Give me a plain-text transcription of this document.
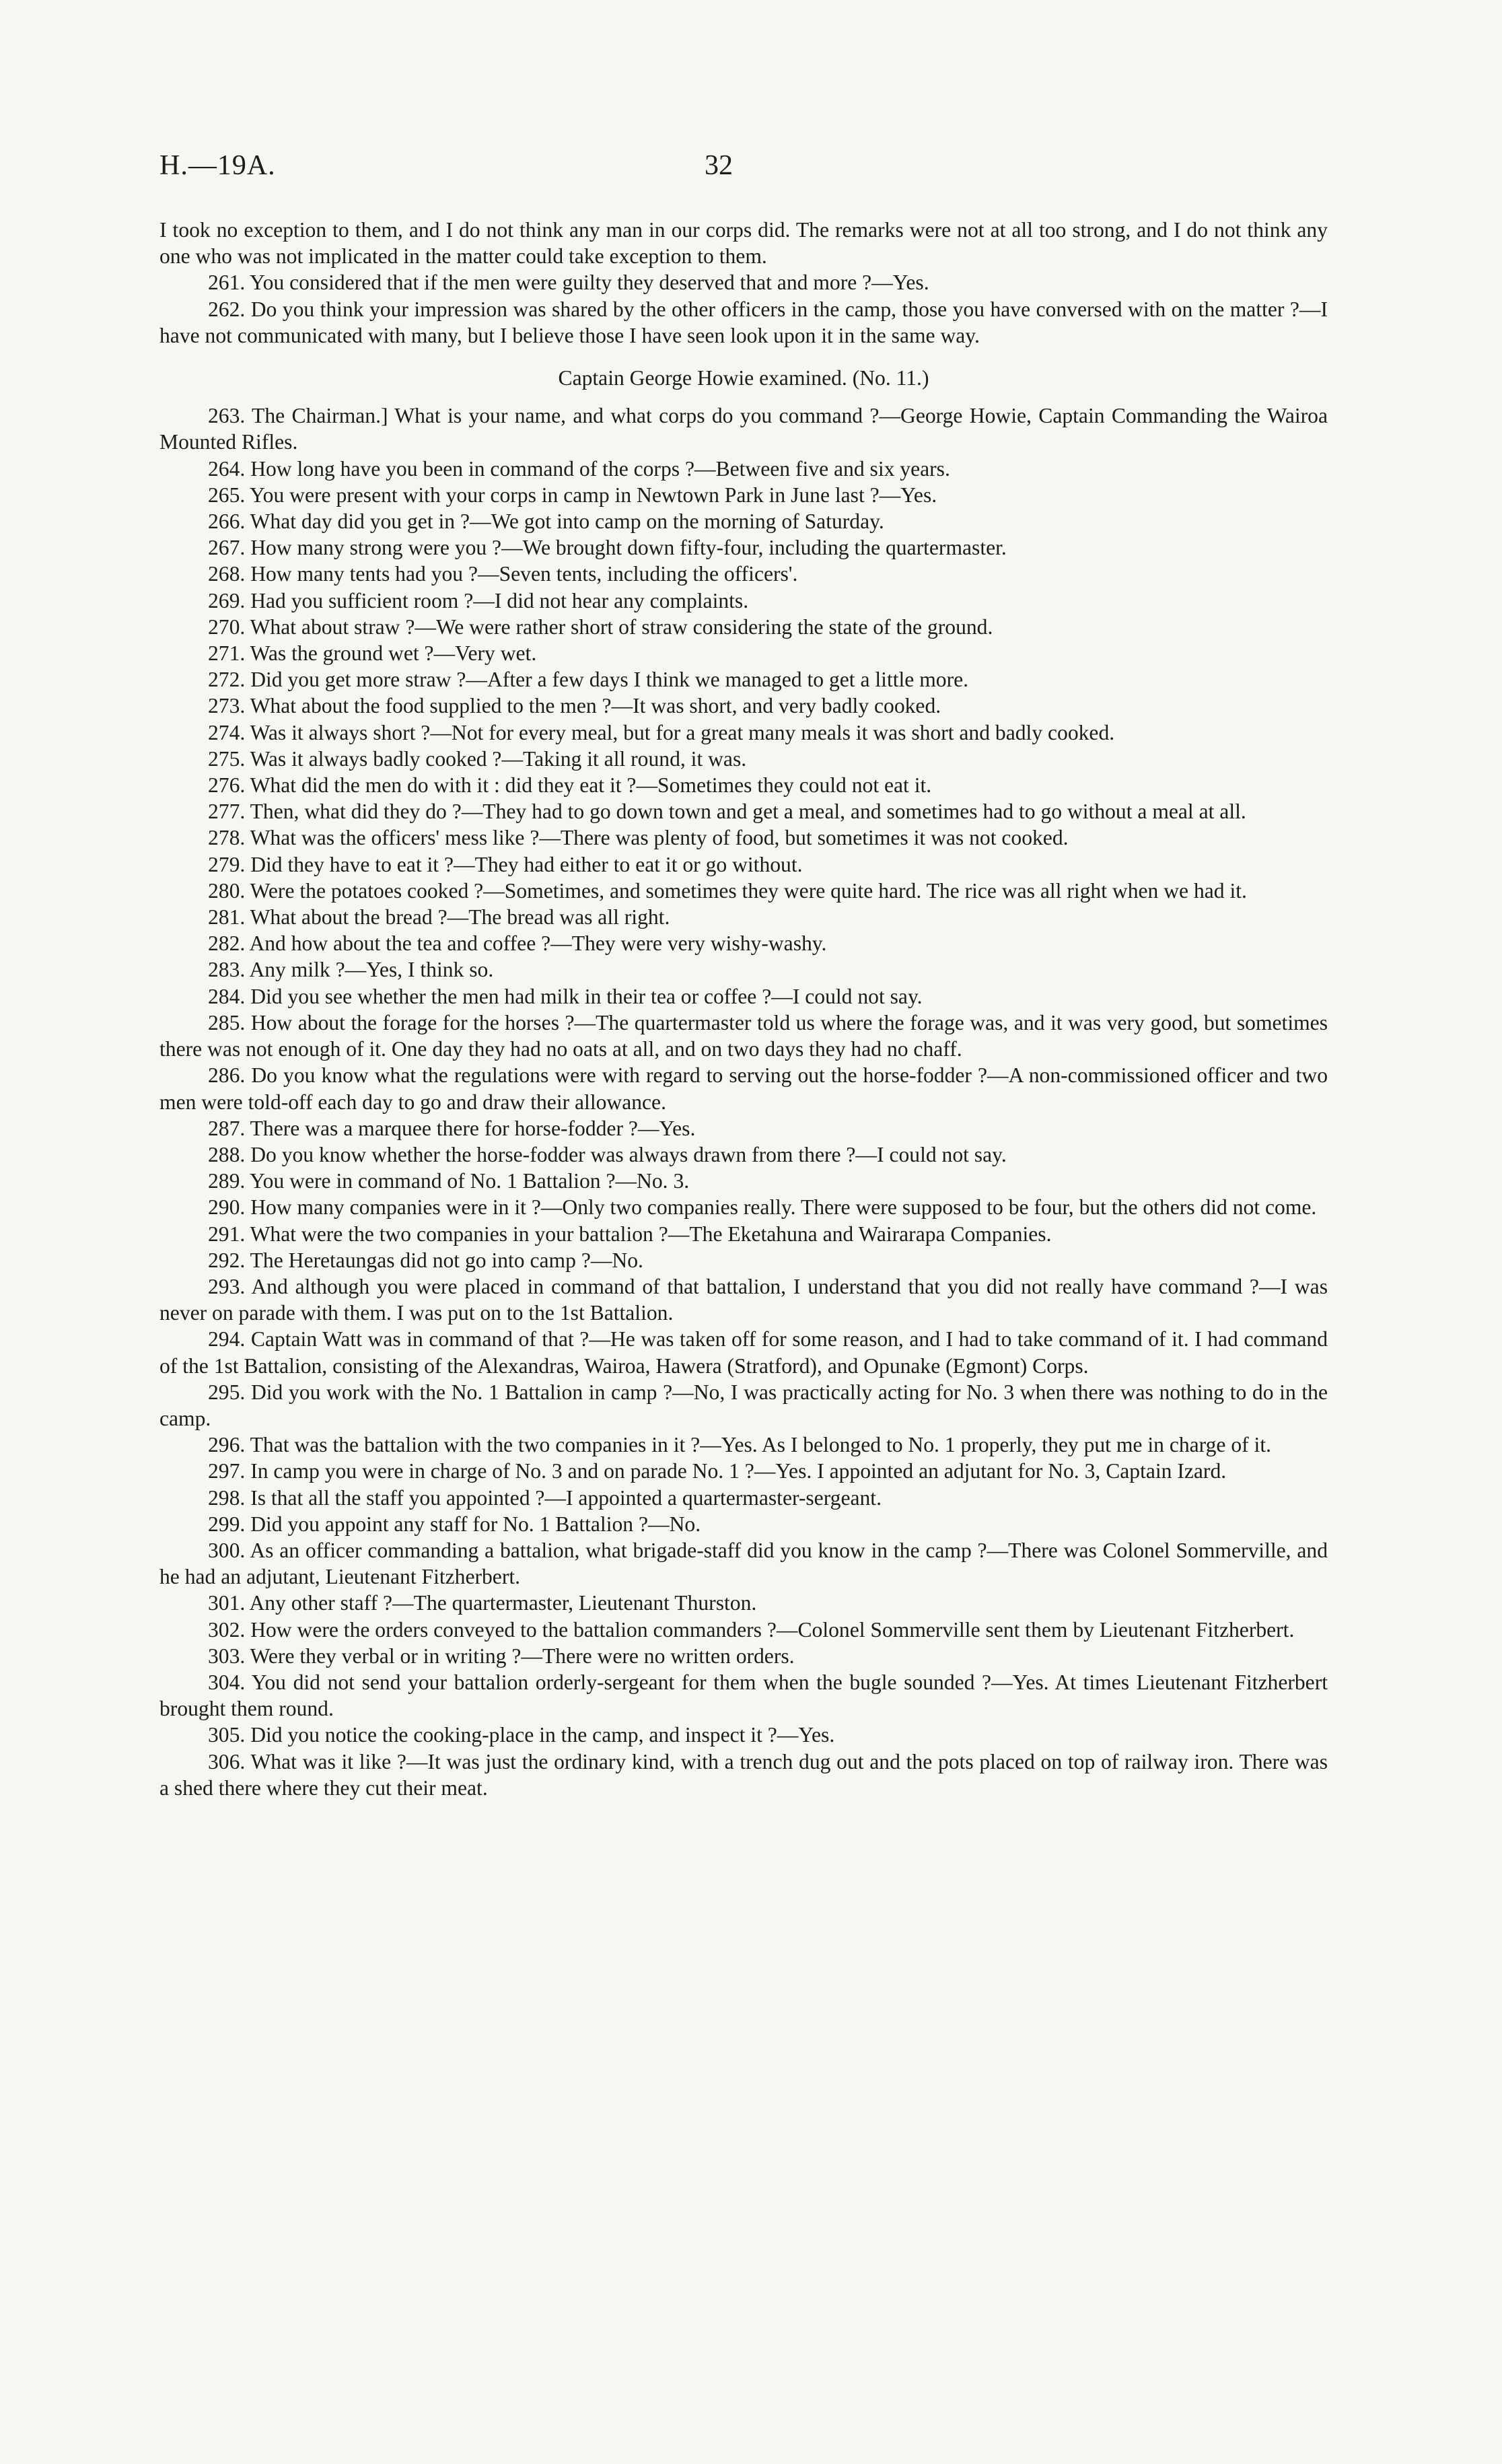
H.—19A.	32

I took no exception to them, and I do not think any man in our corps did. The remarks were not at all too strong, and I do not think any one who was not implicated in the matter could take exception to them.

261. You considered that if the men were guilty they deserved that and more ?—Yes.

262. Do you think your impression was shared by the other officers in the camp, those you have conversed with on the matter ?—I have not communicated with many, but I believe those I have seen look upon it in the same way.

Captain George Howie examined. (No. 11.)

263. The Chairman.] What is your name, and what corps do you command ?—George Howie, Captain Commanding the Wairoa Mounted Rifles.

264. How long have you been in command of the corps ?—Between five and six years.

265. You were present with your corps in camp in Newtown Park in June last ?—Yes.

266. What day did you get in ?—We got into camp on the morning of Saturday.

267. How many strong were you ?—We brought down fifty-four, including the quartermaster.

268. How many tents had you ?—Seven tents, including the officers'.

269. Had you sufficient room ?—I did not hear any complaints.

270. What about straw ?—We were rather short of straw considering the state of the ground.

271. Was the ground wet ?—Very wet.

272. Did you get more straw ?—After a few days I think we managed to get a little more.

273. What about the food supplied to the men ?—It was short, and very badly cooked.

274. Was it always short ?—Not for every meal, but for a great many meals it was short and badly cooked.

275. Was it always badly cooked ?—Taking it all round, it was.

276. What did the men do with it : did they eat it ?—Sometimes they could not eat it.

277. Then, what did they do ?—They had to go down town and get a meal, and sometimes had to go without a meal at all.

278. What was the officers' mess like ?—There was plenty of food, but sometimes it was not cooked.

279. Did they have to eat it ?—They had either to eat it or go without.

280. Were the potatoes cooked ?—Sometimes, and sometimes they were quite hard. The rice was all right when we had it.

281. What about the bread ?—The bread was all right.

282. And how about the tea and coffee ?—They were very wishy-washy.

283. Any milk ?—Yes, I think so.

284. Did you see whether the men had milk in their tea or coffee ?—I could not say.

285. How about the forage for the horses ?—The quartermaster told us where the forage was, and it was very good, but sometimes there was not enough of it. One day they had no oats at all, and on two days they had no chaff.

286. Do you know what the regulations were with regard to serving out the horse-fodder ?—A non-commissioned officer and two men were told-off each day to go and draw their allowance.

287. There was a marquee there for horse-fodder ?—Yes.

288. Do you know whether the horse-fodder was always drawn from there ?—I could not say.

289. You were in command of No. 1 Battalion ?—No. 3.

290. How many companies were in it ?—Only two companies really. There were supposed to be four, but the others did not come.

291. What were the two companies in your battalion ?—The Eketahuna and Wairarapa Companies.

292. The Heretaungas did not go into camp ?—No.

293. And although you were placed in command of that battalion, I understand that you did not really have command ?—I was never on parade with them. I was put on to the 1st Battalion.

294. Captain Watt was in command of that ?—He was taken off for some reason, and I had to take command of it. I had command of the 1st Battalion, consisting of the Alexandras, Wairoa, Hawera (Stratford), and Opunake (Egmont) Corps.

295. Did you work with the No. 1 Battalion in camp ?—No, I was practically acting for No. 3 when there was nothing to do in the camp.

296. That was the battalion with the two companies in it ?—Yes. As I belonged to No. 1 properly, they put me in charge of it.

297. In camp you were in charge of No. 3 and on parade No. 1 ?—Yes. I appointed an adjutant for No. 3, Captain Izard.

298. Is that all the staff you appointed ?—I appointed a quartermaster-sergeant.

299. Did you appoint any staff for No. 1 Battalion ?—No.

300. As an officer commanding a battalion, what brigade-staff did you know in the camp ?—There was Colonel Sommerville, and he had an adjutant, Lieutenant Fitzherbert.

301. Any other staff ?—The quartermaster, Lieutenant Thurston.

302. How were the orders conveyed to the battalion commanders ?—Colonel Sommerville sent them by Lieutenant Fitzherbert.

303. Were they verbal or in writing ?—There were no written orders.

304. You did not send your battalion orderly-sergeant for them when the bugle sounded ?—Yes. At times Lieutenant Fitzherbert brought them round.

305. Did you notice the cooking-place in the camp, and inspect it ?—Yes.

306. What was it like ?—It was just the ordinary kind, with a trench dug out and the pots placed on top of railway iron. There was a shed there where they cut their meat.
